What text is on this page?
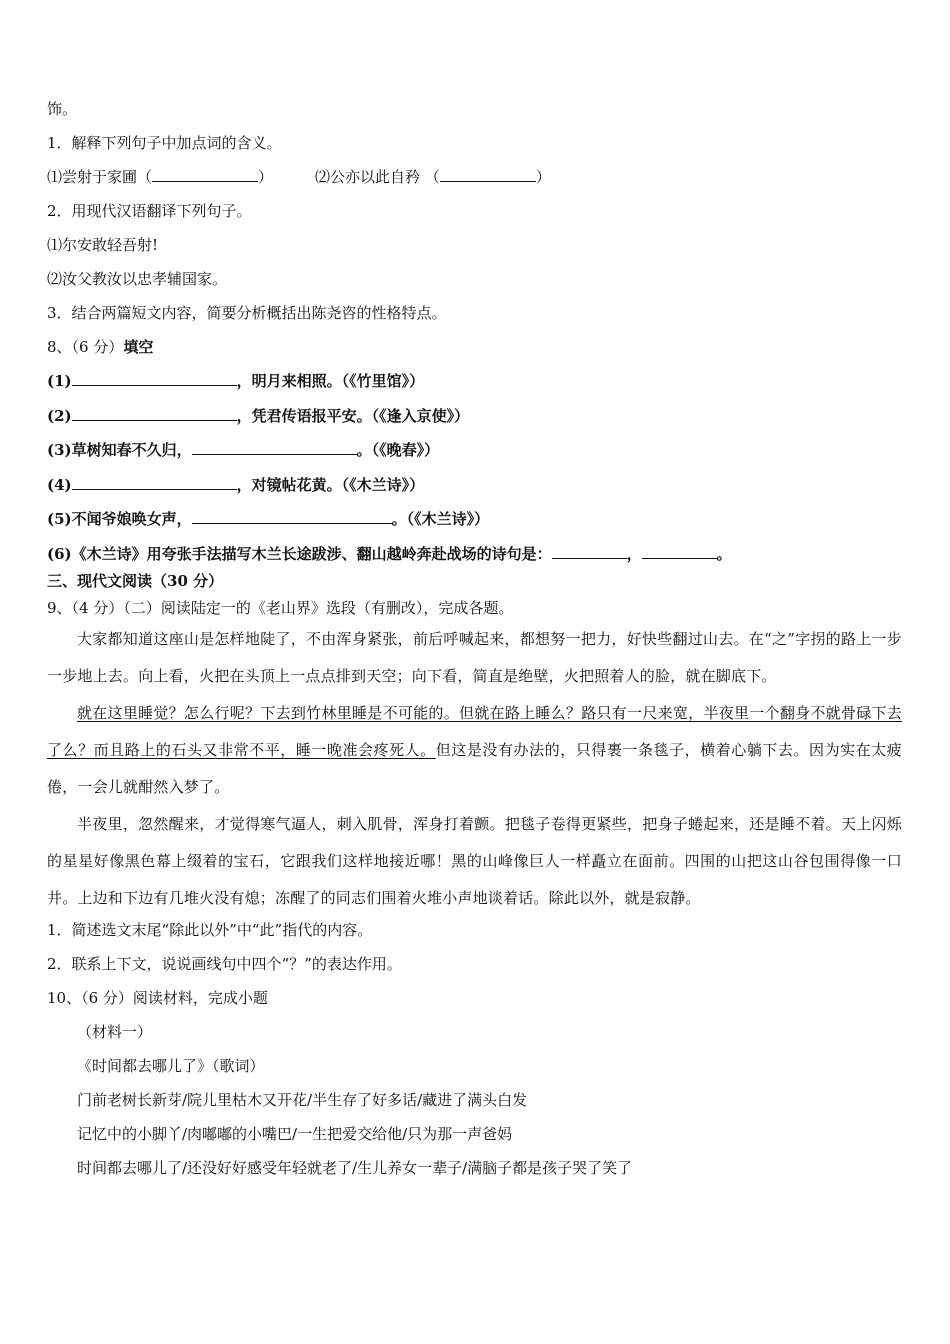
饰。

1．解释下列句子中加点词的含义。

⑴尝射于家圃（	）	⑵公亦以此自矜 （	）

2．用现代汉语翻译下列句子。

⑴尔安敢轻吾射!

⑵汝父教汝以忠孝辅国家。

3．结合两篇短文内容，简要分析概括出陈尧咨的性格特点。

8、（6 分）填空

(1)	，明月来相照。（《竹里馆》）

(2)	，凭君传语报平安。（《逢入京使》）

(3)草树知春不久归，	。（《晚春》）

(4)	，对镜帖花黄。（《木兰诗》）

(5)不闻爷娘唤女声，	。（《木兰诗》）

(6)《木兰诗》用夸张手法描写木兰长途跋涉、翻山越岭奔赴战场的诗句是：	，	。

三、现代文阅读（30 分）

9、（4 分）（二）阅读陆定一的《老山界》选段（有删改），完成各题。

大家都知道这座山是怎样地陡了，不由浑身紧张，前后呼喊起来，都想努一把力，好快些翻过山去。在“之”字拐的路上一步一步地上去。向上看，火把在头顶上一点点排到天空；向下看，简直是绝壁，火把照着人的脸，就在脚底下。

就在这里睡觉？怎么行呢？下去到竹林里睡是不可能的。但就在路上睡么？路只有一尺来宽，半夜里一个翻身不就骨碌下去了么？而且路上的石头又非常不平，睡一晚准会疼死人。但这是没有办法的，只得裹一条毯子，横着心躺下去。因为实在太疲倦，一会儿就酣然入梦了。

半夜里，忽然醒来，才觉得寒气逼人，刺入肌骨，浑身打着颤。把毯子卷得更紧些，把身子蜷起来，还是睡不着。天上闪烁的星星好像黑色幕上缀着的宝石，它跟我们这样地接近哪！黑的山峰像巨人一样矗立在面前。四围的山把这山谷包围得像一口井。上边和下边有几堆火没有熄；冻醒了的同志们围着火堆小声地谈着话。除此以外，就是寂静。

1．简述选文末尾“除此以外”中“此”指代的内容。

2．联系上下文，说说画线句中四个“？”的表达作用。

10、（6 分）阅读材料，完成小题

（材料一）

《时间都去哪儿了》（歌词）

门前老树长新芽/院儿里枯木又开花/半生存了好多话/藏进了满头白发

记忆中的小脚丫/肉嘟嘟的小嘴巴/一生把爱交给他/只为那一声爸妈

时间都去哪儿了/还没好好感受年轻就老了/生儿养女一辈子/满脑子都是孩子哭了笑了
